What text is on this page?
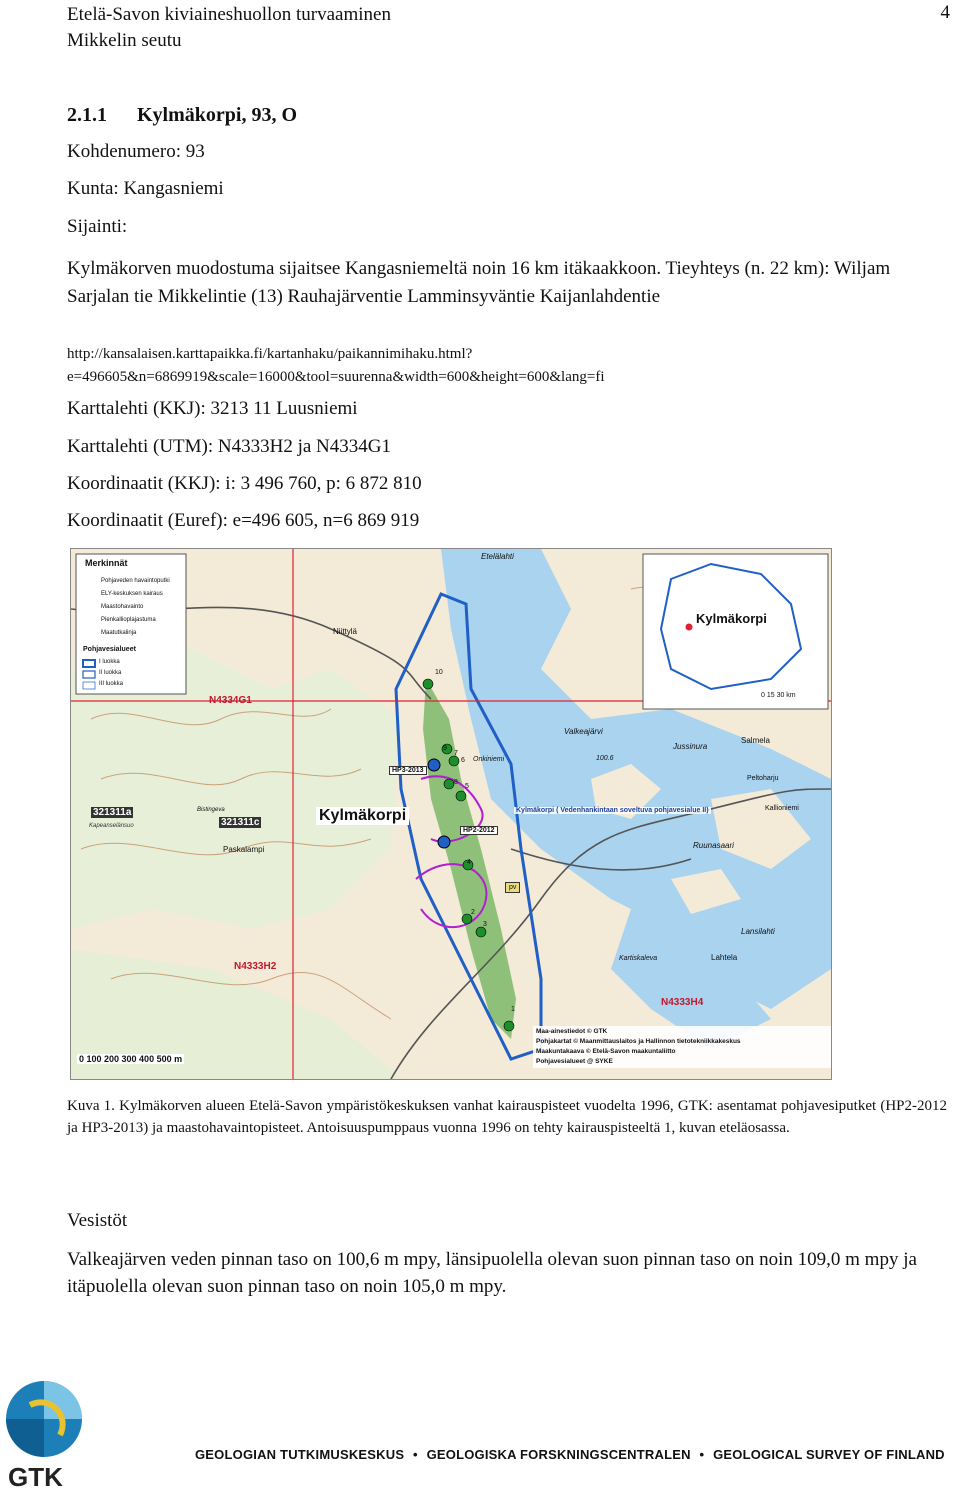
Etelä-Savon kiviaineshuollon turvaaminen
Mikkelin seutu
4
2.1.1 Kylmäkorpi, 93, O
Kohdenumero: 93
Kunta: Kangasniemi
Sijainti:
Kylmäkorven muodostuma sijaitsee Kangasniemeltä noin 16 km itäkaakkoon. Tieyhteys (n. 22 km): Wiljam Sarjalan tie Mikkelintie (13) Rauhajärventie Lamminsyväntie Kaijanlahdentie
http://kansalaisen.karttapaikka.fi/kartanhaku/paikannimihaku.html?e=496605&n=6869919&scale=16000&tool=suurenna&width=600&height=600&lang=fi
Karttalehti (KKJ): 3213 11 Luusniemi
Karttalehti (UTM): N4333H2 ja N4334G1
Koordinaatit (KKJ): i: 3 496 760, p: 6 872 810
Koordinaatit (Euref): e=496 605, n=6 869 919
Merkinnät
Pohjaveden havaintoputki
ELY-keskuksen kairaus
Maastohavainto
Pienkallioplajastuma
Maatutkalinja
Pohjavesialueet
I luokka
II luokka
III luokka
Kylmäkorpi
Kylmäkorpi
0 15 30 km
N4334G1
N4333H2
N4333H4
321311a
321311c
Etelälahti
Niittylä
Valkeajärvi
Jussinura
Salmela
Peltoharju
Kallioniemi
Ruunasaari
Lansilahti
Lahtela
Kartiskaleva
Paskalampi
Kapeanselänsuo
Bistingeva
Onkiniemi	100.6
HP3-2013
HP2-2012
pv
10
9
7
6
8
5
4
2
3
1
Kylmäkorpi ( Vedenhankintaan soveltuva pohjavesialue II)
0 100 200 300 400 500 m
Maa-ainestiedot © GTK
Pohjakartat © Maanmittauslaitos ja Hallinnon tietotekniikkakeskus
Maakuntakaava © Etelä-Savon maakuntaliitto
Pohjavesialueet @ SYKE
Kuva 1. Kylmäkorven alueen Etelä-Savon ympäristökeskuksen vanhat kairauspisteet vuodelta 1996, GTK: asentamat pohjavesiputket (HP2-2012 ja HP3-2013) ja maastohavaintopisteet. Antoisuuspumppaus vuonna 1996 on tehty kairauspisteeltä 1, kuvan eteläosassa.
Vesistöt
Valkeajärven veden pinnan taso on 100,6 m mpy, länsipuolella olevan suon pinnan taso on noin 109,0 m mpy ja itäpuolella olevan suon pinnan taso on noin 105,0 m mpy.
GTK
GEOLOGIAN TUTKIMUSKESKUS • GEOLOGISKA FORSKNINGSCENTRALEN • GEOLOGICAL SURVEY OF FINLAND
